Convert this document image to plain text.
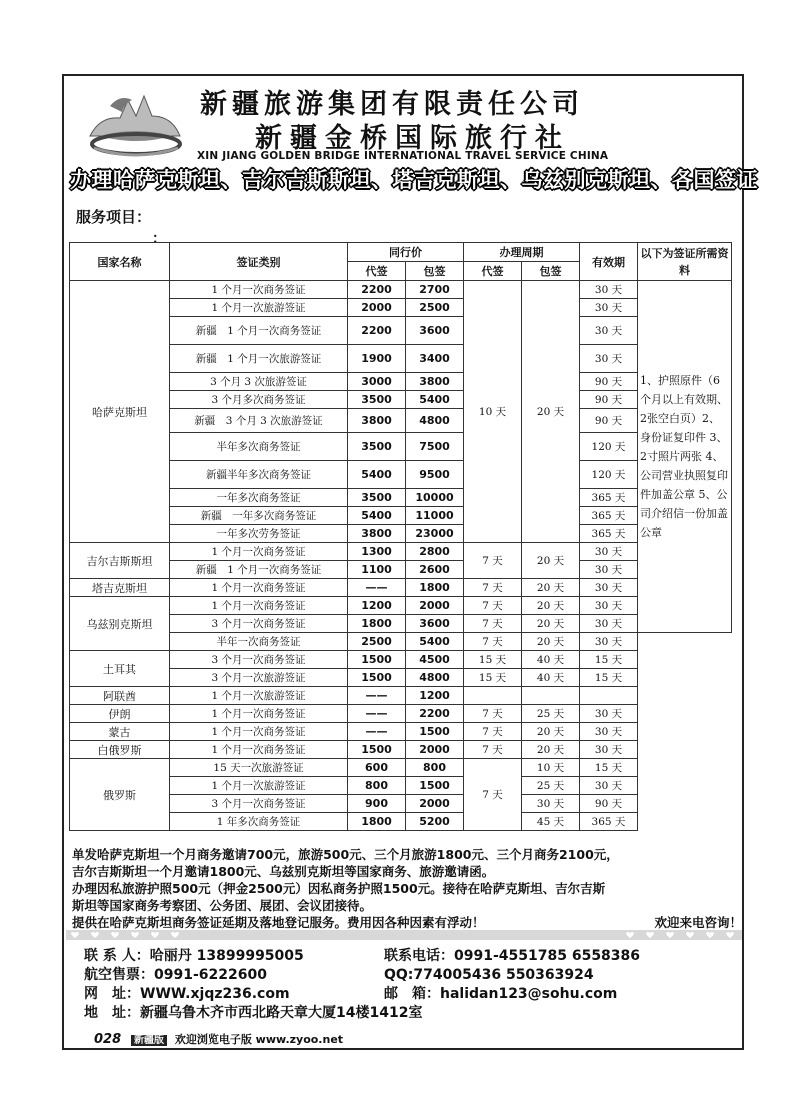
新疆旅游集团有限责任公司
新疆金桥国际旅行社
XIN JIANG GOLDEN BRIDGE INTERNATIONAL TRAVEL SERVICE CHINA
办理哈萨克斯坦、吉尔吉斯斯坦、塔吉克斯坦、乌兹别克斯坦、各国签证
服务项目：
：
国家名称	签证类别	同行价		办理周期		有效期	以下为签证所需资料
		代签	包签	代签	包签		
哈萨克斯坦	1 个月一次商务签证	2200	2700	10 天	20 天	30 天	1、护照原件（6个月以上有效期、2张空白页）2、身份证复印件 3、2寸照片两张 4、公司营业执照复印件加盖公章 5、公司介绍信一份加盖公章
	1 个月一次旅游签证	2000	2500			30 天	
	新疆　1 个月一次商务签证	2200	3600			30 天	
	新疆　1 个月一次旅游签证	1900	3400			30 天	
	3 个月 3 次旅游签证	3000	3800			90 天	
	3 个月多次商务签证	3500	5400			90 天	
	新疆　3 个月 3 次旅游签证	3800	4800			90 天	
	半年多次商务签证	3500	7500			120 天	
	新疆半年多次商务签证	5400	9500			120 天	
	一年多次商务签证	3500	10000			365 天	
	新疆　一年多次商务签证	5400	11000			365 天	
	一年多次劳务签证	3800	23000			365 天	
吉尔吉斯斯坦	1 个月一次商务签证	1300	2800	7 天	20 天	30 天	
	新疆　1 个月一次商务签证	1100	2600			30 天	
塔吉克斯坦	1 个月一次商务签证	——	1800	7 天	20 天	30 天	
乌兹别克斯坦	1 个月一次商务签证	1200	2000	7 天	20 天	30 天	
	3 个月一次商务签证	1800	3600	7 天	20 天	30 天	
	半年一次商务签证	2500	5400	7 天	20 天	30 天	
土耳其	3 个月一次商务签证	1500	4500	15 天	40 天	15 天	
	3 个月一次旅游签证	1500	4800	15 天	40 天	15 天	
阿联酋	1 个月一次旅游签证	——	1200				
伊朗	1 个月一次商务签证	——	2200	7 天	25 天	30 天	
蒙古	1 个月一次商务签证	——	1500	7 天	20 天	30 天	
白俄罗斯	1 个月一次商务签证	1500	2000	7 天	20 天	30 天	
俄罗斯	15 天一次旅游签证	600	800	7 天	10 天	15 天	
	1 个月一次旅游签证	800	1500		25 天	30 天	
	3 个月一次商务签证	900	2000		30 天	90 天	
	1 年多次商务签证	1800	5200		45 天	365 天	
单发哈萨克斯坦一个月商务邀请700元，旅游500元、三个月旅游1800元、三个月商务2100元，
吉尔吉斯斯坦一个月邀请1800元、乌兹别克斯坦等国家商务、旅游邀请函。
办理因私旅游护照500元（押金2500元）因私商务护照1500元。接待在哈萨克斯坦、吉尔吉斯
斯坦等国家商务考察团、公务团、展团、会议团接待。
提供在哈萨克斯坦商务签证延期及落地登记服务。费用因各种因素有浮动！	欢迎来电咨询！
联 系 人：哈丽丹 13899995005	联系电话：0991-4551785 6558386
航空售票：0991-6222600	QQ:774005436 550363924
网　址：WWW.xjqz236.com	邮　箱：halidan123@sohu.com
地　址：新疆乌鲁木齐市西北路天章大厦14楼1412室
028 新疆版 欢迎浏览电子版 www.zyoo.net
